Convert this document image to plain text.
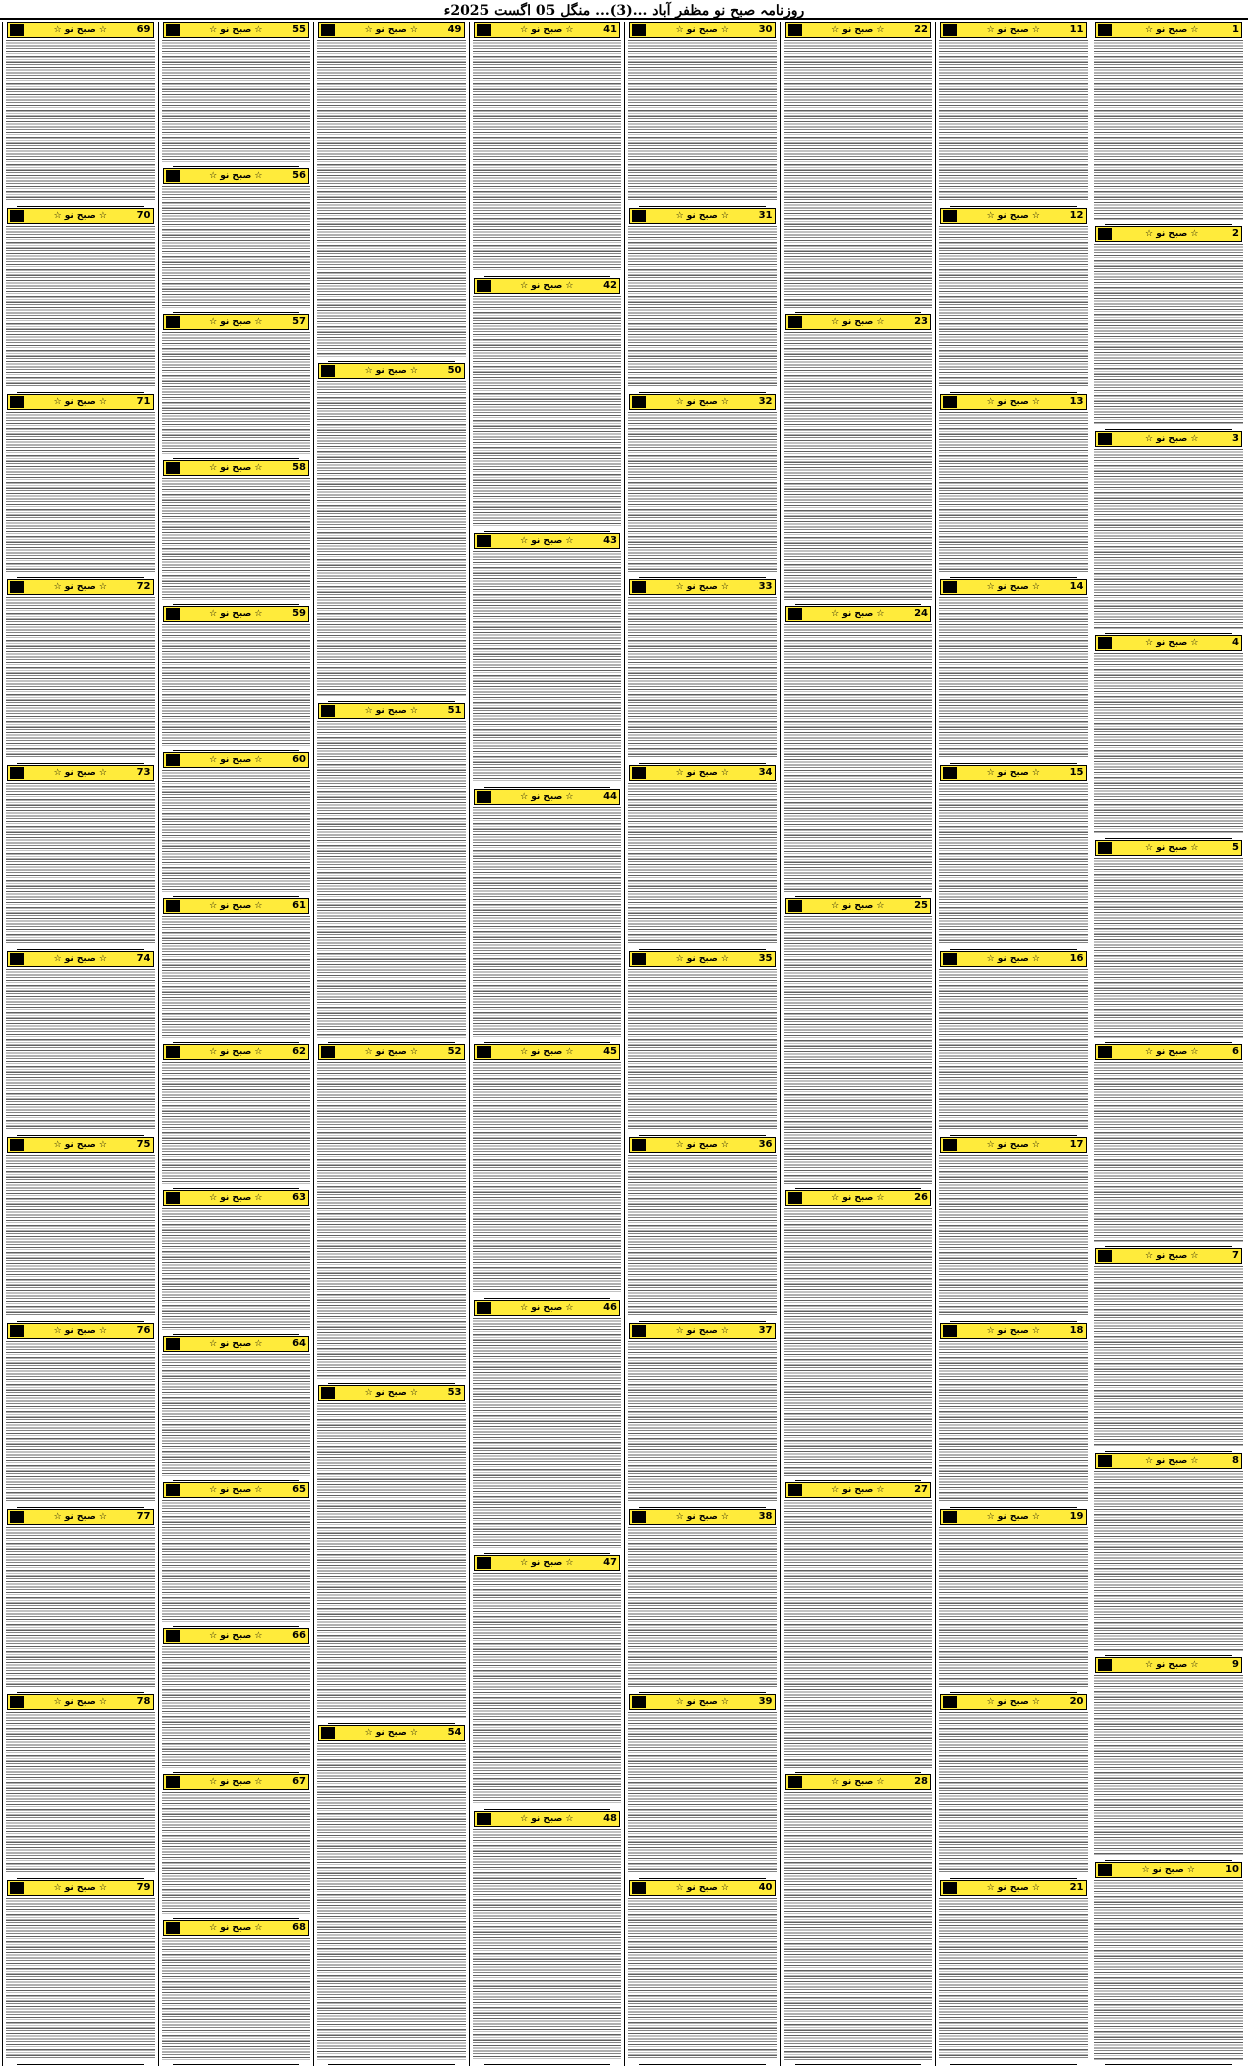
روزنامہ صبح نو مظفر آباد ...(3)... منگل 05 اگست 2025ء
☆ صبح نو ☆	1
☆ صبح نو ☆	2
☆ صبح نو ☆	3
☆ صبح نو ☆	4
☆ صبح نو ☆	5
☆ صبح نو ☆	6
☆ صبح نو ☆	7
☆ صبح نو ☆	8
☆ صبح نو ☆	9
☆ صبح نو ☆	10
☆ صبح نو ☆	11
☆ صبح نو ☆	12
☆ صبح نو ☆	13
☆ صبح نو ☆	14
☆ صبح نو ☆	15
☆ صبح نو ☆	16
☆ صبح نو ☆	17
☆ صبح نو ☆	18
☆ صبح نو ☆	19
☆ صبح نو ☆	20
☆ صبح نو ☆	21
☆ صبح نو ☆	22
☆ صبح نو ☆	23
☆ صبح نو ☆	24
☆ صبح نو ☆	25
☆ صبح نو ☆	26
☆ صبح نو ☆	27
☆ صبح نو ☆	28
☆ صبح نو ☆	30
☆ صبح نو ☆	31
☆ صبح نو ☆	32
☆ صبح نو ☆	33
☆ صبح نو ☆	34
☆ صبح نو ☆	35
☆ صبح نو ☆	36
☆ صبح نو ☆	37
☆ صبح نو ☆	38
☆ صبح نو ☆	39
☆ صبح نو ☆	40
☆ صبح نو ☆	41
☆ صبح نو ☆	42
☆ صبح نو ☆	43
☆ صبح نو ☆	44
☆ صبح نو ☆	45
☆ صبح نو ☆	46
☆ صبح نو ☆	47
☆ صبح نو ☆	48
☆ صبح نو ☆	49
☆ صبح نو ☆	50
☆ صبح نو ☆	51
☆ صبح نو ☆	52
☆ صبح نو ☆	53
☆ صبح نو ☆	54
☆ صبح نو ☆	55
☆ صبح نو ☆	56
☆ صبح نو ☆	57
☆ صبح نو ☆	58
☆ صبح نو ☆	59
☆ صبح نو ☆	60
☆ صبح نو ☆	61
☆ صبح نو ☆	62
☆ صبح نو ☆	63
☆ صبح نو ☆	64
☆ صبح نو ☆	65
☆ صبح نو ☆	66
☆ صبح نو ☆	67
☆ صبح نو ☆	68
☆ صبح نو ☆	69
☆ صبح نو ☆	70
☆ صبح نو ☆	71
☆ صبح نو ☆	72
☆ صبح نو ☆	73
☆ صبح نو ☆	74
☆ صبح نو ☆	75
☆ صبح نو ☆	76
☆ صبح نو ☆	77
☆ صبح نو ☆	78
☆ صبح نو ☆	79
